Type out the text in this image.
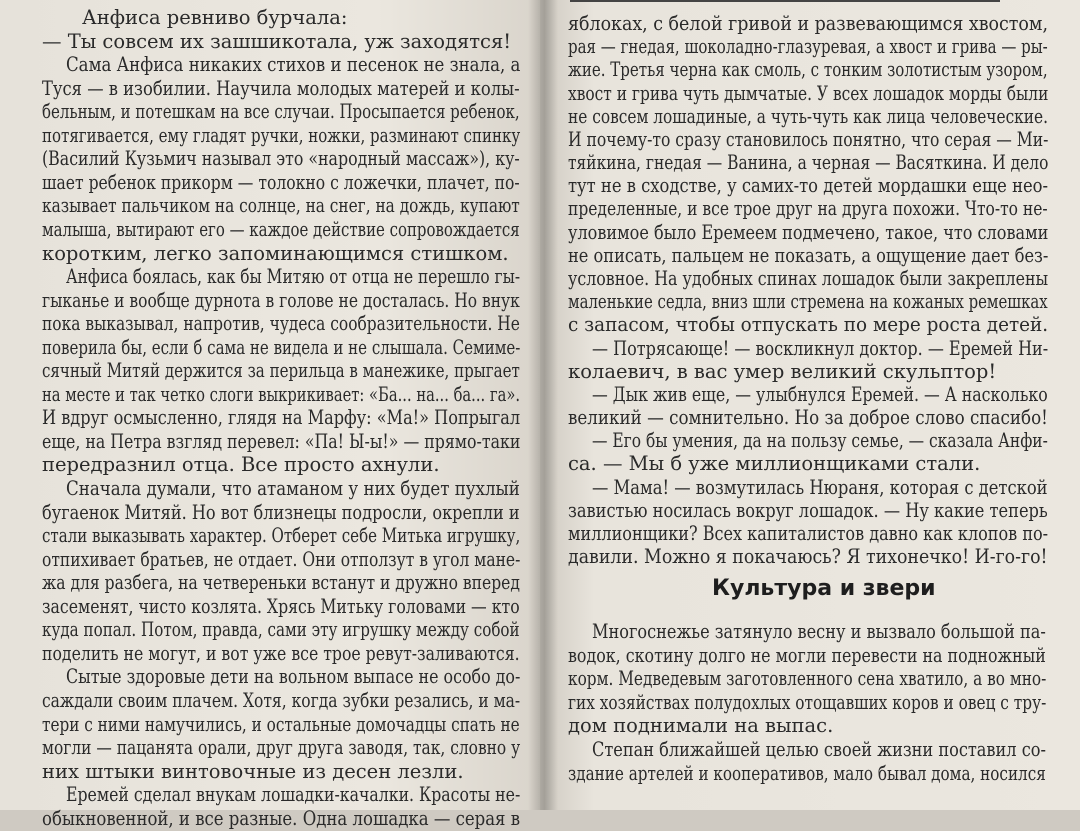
Анфиса ревниво бурчала:

— Ты совсем их зашшикотала, уж заходятся!

Сама Анфиса никаких стихов и песенок не знала, а

Туся — в изобилии. Научила молодых матерей и колы-

бельным, и потешкам на все случаи. Просыпается ребенок,

потягивается, ему гладят ручки, ножки, разминают спинку

(Василий Кузьмич называл это «народный массаж»), ку-

шает ребенок прикорм — толокно с ложечки, плачет, по-

казывает пальчиком на солнце, на снег, на дождь, купают

малыша, вытирают его — каждое действие сопровождается

коротким, легко запоминающимся стишком.

Анфиса боялась, как бы Митяю от отца не перешло гы-

гыканье и вообще дурнота в голове не досталась. Но внук

пока выказывал, напротив, чудеса сообразительности. Не

поверила бы, если б сама не видела и не слышала. Семиме-

сячный Митяй держится за перильца в манежике, прыгает

на месте и так четко слоги выкрикивает: «Ба... на... ба... га».

И вдруг осмысленно, глядя на Марфу: «Ма!» Попрыгал

еще, на Петра взгляд перевел: «Па! Ы-ы!» — прямо-таки

передразнил отца. Все просто ахнули.

Сначала думали, что атаманом у них будет пухлый

бугаенок Митяй. Но вот близнецы подросли, окрепли и

стали выказывать характер. Отберет себе Митька игрушку,

отпихивает братьев, не отдает. Они отползут в угол мане-

жа для разбега, на четвереньки встанут и дружно вперед

засеменят, чисто козлята. Хрясь Митьку головами — кто

куда попал. Потом, правда, сами эту игрушку между собой

поделить не могут, и вот уже все трое ревут-заливаются.

Сытые здоровые дети на вольном выпасе не особо до-

саждали своим плачем. Хотя, когда зубки резались, и ма-

тери с ними намучились, и остальные домочадцы спать не

могли — пацанята орали, друг друга заводя, так, словно у

них штыки винтовочные из десен лезли.

Еремей сделал внукам лошадки-качалки. Красоты не-

обыкновенной, и все разные. Одна лошадка — серая в

яблоках, с белой гривой и развевающимся хвостом,

рая — гнедая, шоколадно-глазуревая, а хвост и грива — ры-

жие. Третья черна как смоль, с тонким золотистым узором,

хвост и грива чуть дымчатые. У всех лошадок морды были

не совсем лошадиные, а чуть-чуть как лица человеческие.

И почему-то сразу становилось понятно, что серая — Ми-

тяйкина, гнедая — Ванина, а черная — Васяткина. И дело

тут не в сходстве, у самих-то детей мордашки еще нео-

пределенные, и все трое друг на друга похожи. Что-то не-

уловимое было Еремеем подмечено, такое, что словами

не описать, пальцем не показать, а ощущение дает без-

условное. На удобных спинах лошадок были закреплены

маленькие седла, вниз шли стремена на кожаных ремешках

с запасом, чтобы отпускать по мере роста детей.

— Потрясающе! — воскликнул доктор. — Еремей Ни-

колаевич, в вас умер великий скульптор!

— Дык жив еще, — улыбнулся Еремей. — А насколько

великий — сомнительно. Но за доброе слово спасибо!

— Его бы умения, да на пользу семье, — сказала Анфи-

са. — Мы б уже миллионщиками стали.

— Мама! — возмутилась Нюраня, которая с детской

завистью носилась вокруг лошадок. — Ну какие теперь

миллионщики? Всех капиталистов давно как клопов по-

давили. Можно я покачаюсь? Я тихонечко! И-го-го!

Культура и звери

Многоснежье затянуло весну и вызвало большой па-

водок, скотину долго не могли перевести на подножный

корм. Медведевым заготовленного сена хватило, а во мно-

гих хозяйствах полудохлых отощавших коров и овец с тру-

дом поднимали на выпас.

Степан ближайшей целью своей жизни поставил со-

здание артелей и кооперативов, мало бывал дома, носился
